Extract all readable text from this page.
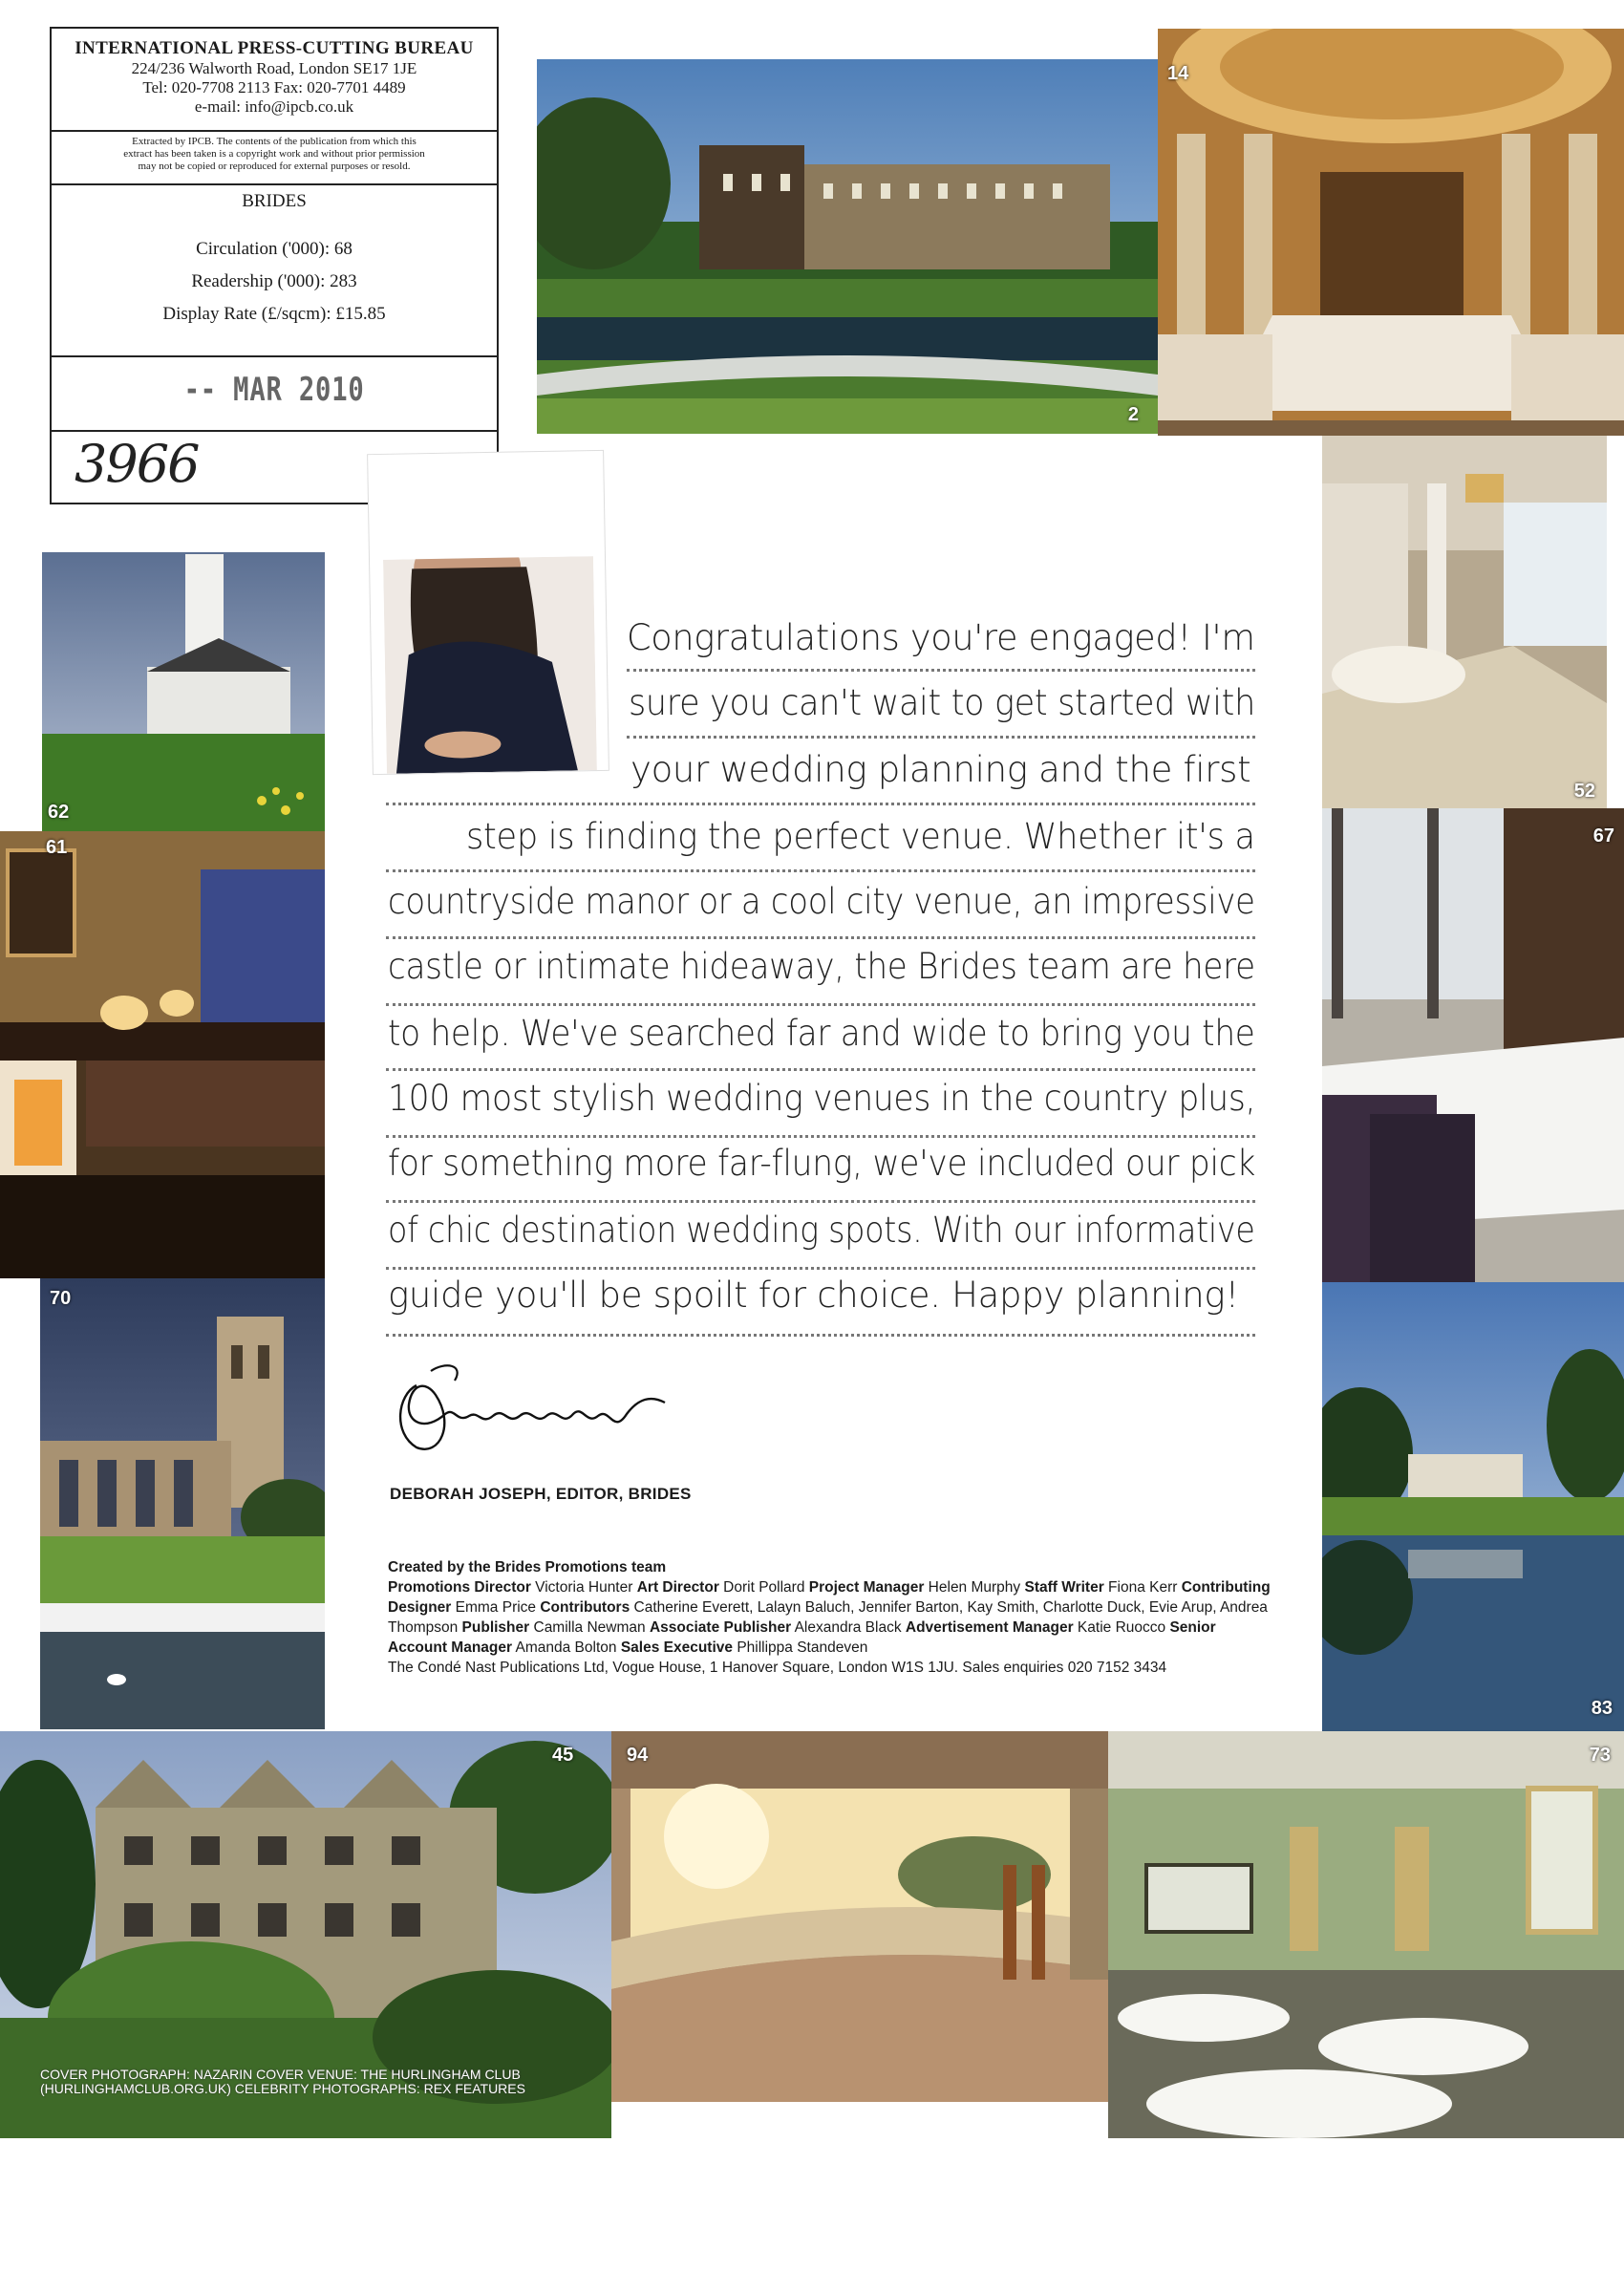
INTERNATIONAL PRESS-CUTTING BUREAU
224/236 Walworth Road, London SE17 1JE
Tel: 020-7708 2113 Fax: 020-7701 4489
e-mail: info@ipcb.co.uk
Extracted by IPCB. The contents of the publication from which this
extract has been taken is a copyright work and without prior permission
may not be copied or reproduced for external purposes or resold.
BRIDES
Circulation ('000): 68
Readership ('000): 283
Display Rate (£/sqcm): £15.85
-- MAR 2010
3966
2
14
62
61
70
52
67
83
45	94	73
COVER PHOTOGRAPH: NAZARIN COVER VENUE: THE HURLINGHAM CLUB (HURLINGHAMCLUB.ORG.UK) CELEBRITY PHOTOGRAPHS: REX FEATURES
Congratulations you're engaged! I'm
sure you can't wait to get started with
your wedding planning and the first
step is finding the perfect venue. Whether it's a
countryside manor or a cool city venue, an impressive
castle or intimate hideaway, the Brides team are here
to help. We've searched far and wide to bring you the
100 most stylish wedding venues in the country plus,
for something more far-flung, we've included our pick
of chic destination wedding spots. With our informative
guide you'll be spoilt for choice. Happy planning!
DEBORAH JOSEPH, EDITOR, BRIDES
Created by the Brides Promotions team
Promotions Director Victoria Hunter Art Director Dorit Pollard Project Manager Helen Murphy Staff Writer Fiona Kerr Contributing Designer Emma Price Contributors Catherine Everett, Lalayn Baluch, Jennifer Barton, Kay Smith, Charlotte Duck, Evie Arup, Andrea Thompson Publisher Camilla Newman Associate Publisher Alexandra Black Advertisement Manager Katie Ruocco Senior Account Manager Amanda Bolton Sales Executive Phillippa Standeven
The Condé Nast Publications Ltd, Vogue House, 1 Hanover Square, London W1S 1JU. Sales enquiries 020 7152 3434
